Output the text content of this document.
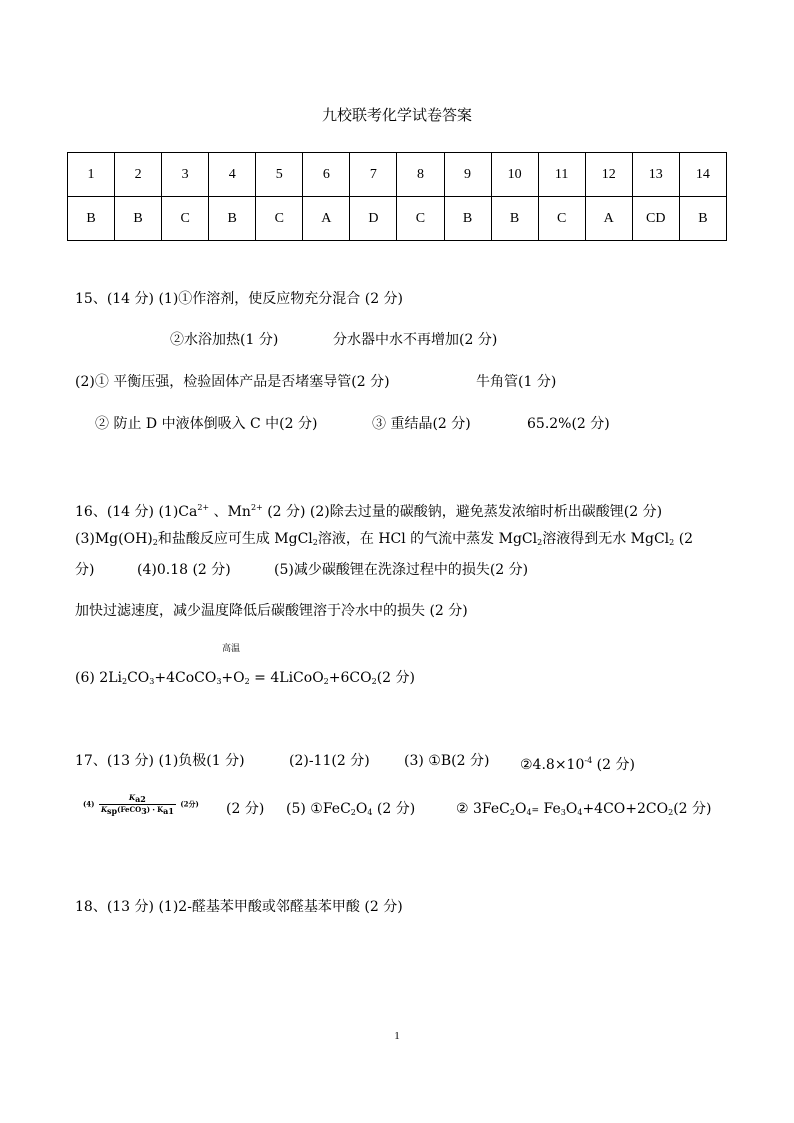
九校联考化学试卷答案
1	2	3	4	5	6	7	8	9	10	11	12	13	14
B	B	C	B	C	A	D	C	B	B	C	A	CD	B
15、(14 分) (1)①作溶剂，使反应物充分混合 (2 分)
②水浴加热(1 分)	分水器中水不再增加(2 分)
(2)① 平衡压强，检验固体产品是否堵塞导管(2 分)	牛角管(1 分)
② 防止 D 中液体倒吸入 C 中(2 分)	③ 重结晶(2 分)	65.2%(2 分)
16、(14 分) $(1)Ca^{2+}$ 、$Mn^{2+}$ (2 分) (2)除去过量的碳酸钠，避免蒸发浓缩时析出碳酸锂(2 分)
$(3)Mg(OH)_2$和盐酸反应可生成 MgCl$_2$溶液，在 HCl 的气流中蒸发 MgCl$_2$溶液得到无水 MgCl$_2$ (2
分)	(4)0.18 (2 分)	(5)减少碳酸锂在洗涤过程中的损失(2 分)
加快过滤速度，减少温度降低后碳酸锂溶于冷水中的损失 (2 分)
高温
(6) $2Li_2CO_3+4CoCO_3+O_2$ = $4LiCoO_2+6CO_2(2$ 分)
17、(13 分) (1)负极(1 分)	(2)-11(2 分) (3) ①B(2 分) $②4.8\times 10^{-4}$ (2 分)
$(4) \frac{K_{a2}}{K_{sp}(FeCO_3)・K_{a1}} (2$分) (2 分) (5) $①FeC_2O_4$ (2 分)	② $3FeC_2O_4= Fe_3O_4+4CO+2CO_2(2$ 分)
18、(13 分) (1)2-醛基苯甲酸或邻醛基苯甲酸 (2 分)
1
